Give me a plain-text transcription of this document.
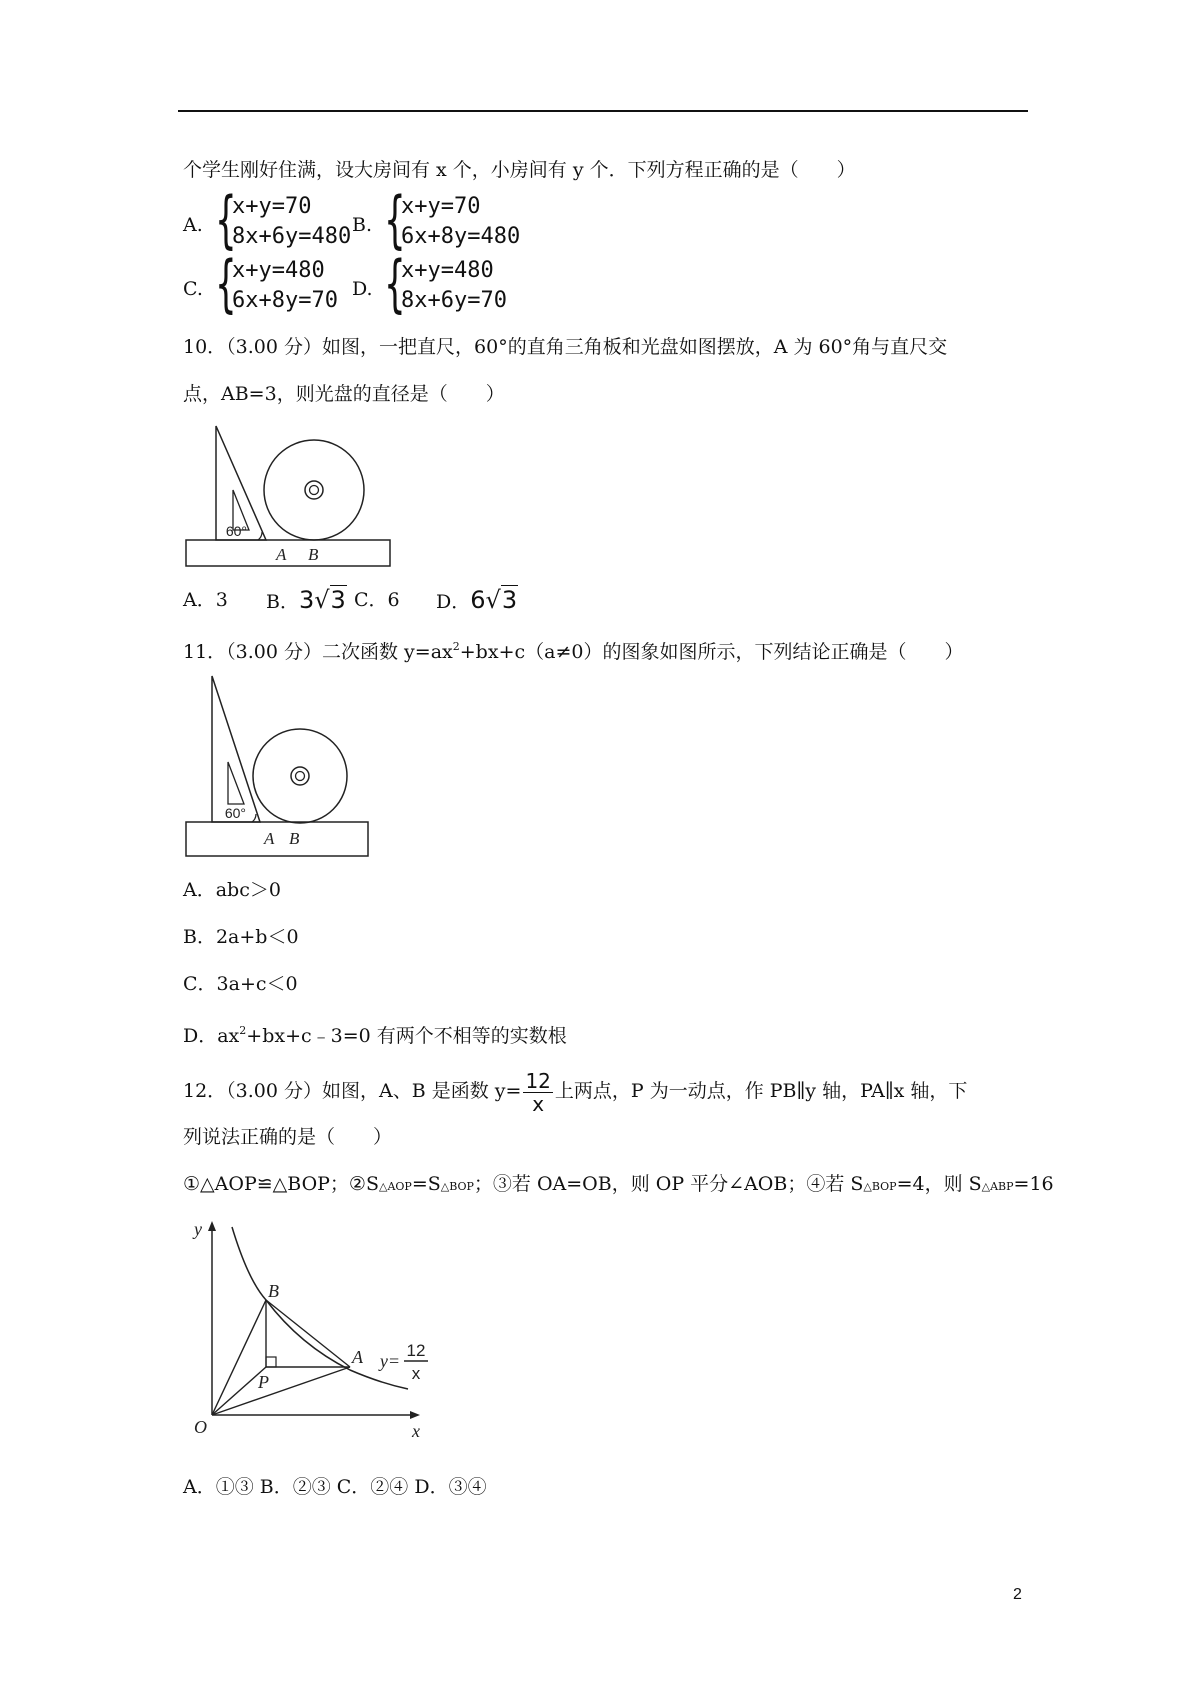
个学生刚好住满，设大房间有 x 个，小房间有 y 个．下列方程正确的是（　　）
A. {
x+y=70
8x+6y=480 B. {
x+y=70
6x+8y=480
C. {
x+y=480
6x+8y=70 D. {
x+y=480
8x+6y=70
10．（3.00 分）如图，一把直尺，60°的直角三角板和光盘如图摆放，A 为 60°角与直尺交
点，AB=3，则光盘的直径是（　　）
60°
A B
A．3 B．3√3 C．6 D．6√3
11．（3.00 分）二次函数 $y=ax^2+bx+c(a\ne 0)$的图象如图所示，下列结论正确是（　　）
60°
A B
A．abc＞0
B．2a+b＜0
C．3a+c＜0
D．$ax^2+bx+c﹣3=0$ 有两个不相等的实数根
12．（3.00 分）如图，A、B 是函数 $y= \frac{12}{x}$ 上两点，P 为一动点，作 PB∥y 轴，PA∥x 轴，下
列说法正确的是（　　）
①△AOP≌△BOP；②S△AOP=S△BOP；③若 OA=OB，则 OP 平分∠AOB；④若 S△BOP=4，则 S△ABP=16
y
x
O
B
A
P
y=
12
x
A．①③ B．②③ C．②④ D．③④
2
